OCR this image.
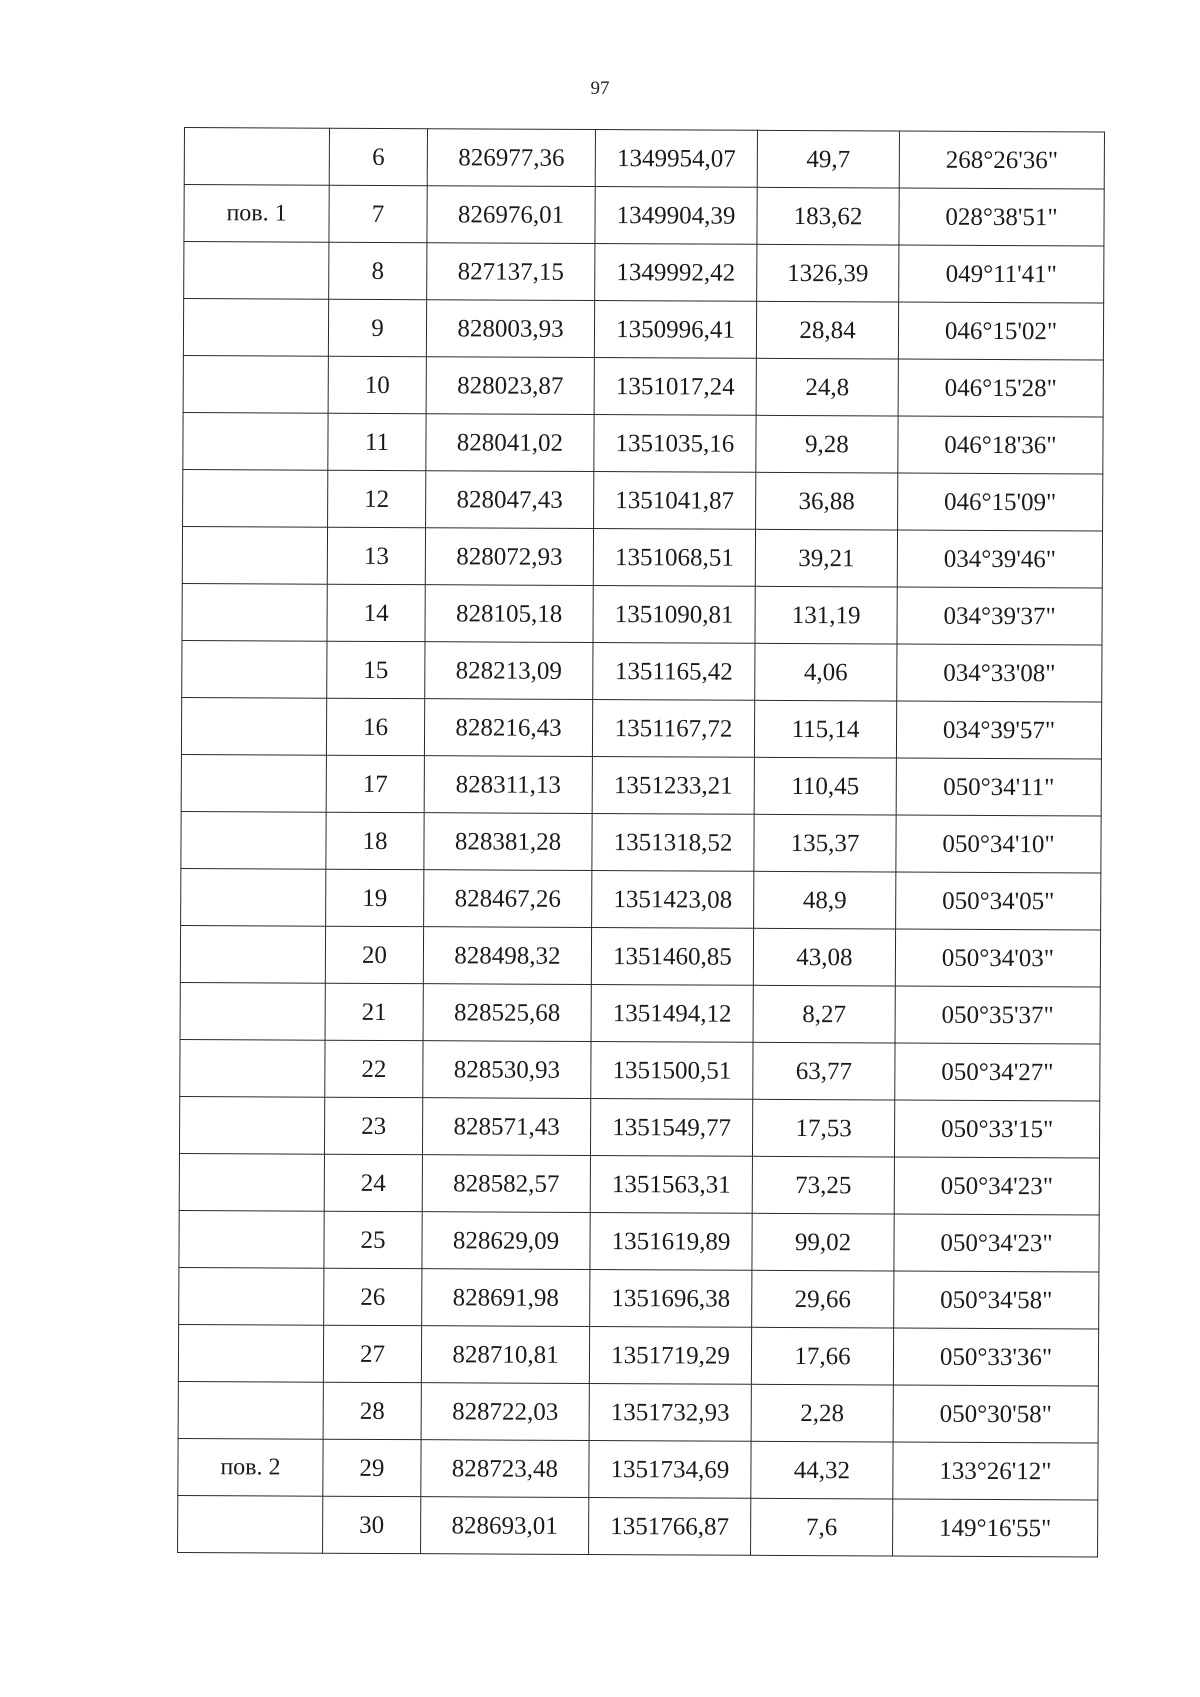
97
	6	826977,36	1349954,07	49,7	268°26'36"
пов. 1	7	826976,01	1349904,39	183,62	028°38'51"
	8	827137,15	1349992,42	1326,39	049°11'41"
	9	828003,93	1350996,41	28,84	046°15'02"
	10	828023,87	1351017,24	24,8	046°15'28"
	11	828041,02	1351035,16	9,28	046°18'36"
	12	828047,43	1351041,87	36,88	046°15'09"
	13	828072,93	1351068,51	39,21	034°39'46"
	14	828105,18	1351090,81	131,19	034°39'37"
	15	828213,09	1351165,42	4,06	034°33'08"
	16	828216,43	1351167,72	115,14	034°39'57"
	17	828311,13	1351233,21	110,45	050°34'11"
	18	828381,28	1351318,52	135,37	050°34'10"
	19	828467,26	1351423,08	48,9	050°34'05"
	20	828498,32	1351460,85	43,08	050°34'03"
	21	828525,68	1351494,12	8,27	050°35'37"
	22	828530,93	1351500,51	63,77	050°34'27"
	23	828571,43	1351549,77	17,53	050°33'15"
	24	828582,57	1351563,31	73,25	050°34'23"
	25	828629,09	1351619,89	99,02	050°34'23"
	26	828691,98	1351696,38	29,66	050°34'58"
	27	828710,81	1351719,29	17,66	050°33'36"
	28	828722,03	1351732,93	2,28	050°30'58"
пов. 2	29	828723,48	1351734,69	44,32	133°26'12"
	30	828693,01	1351766,87	7,6	149°16'55"
